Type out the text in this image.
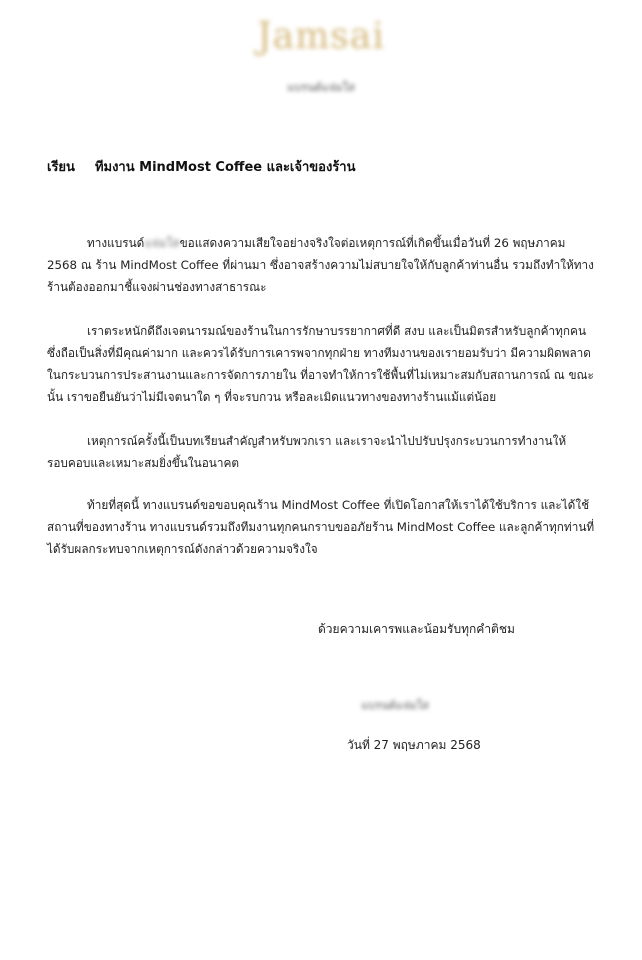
Jamsai
แบรนด์แจ่มใส
เรียน ทีมงาน MindMost Coffee และเจ้าของร้าน

ทางแบรนด์แจ่มใสขอแสดงความเสียใจอย่างจริงใจต่อเหตุการณ์ที่เกิดขึ้นเมื่อวันที่ 26 พฤษภาคม 2568 ณ ร้าน MindMost Coffee ที่ผ่านมา ซึ่งอาจสร้างความไม่สบายใจให้กับลูกค้าท่านอื่น รวมถึงทำให้ทางร้านต้องออกมาชี้แจงผ่านช่องทางสาธารณะ

เราตระหนักดีถึงเจตนารมณ์ของร้านในการรักษาบรรยากาศที่ดี สงบ และเป็นมิตรสำหรับลูกค้าทุกคน ซึ่งถือเป็นสิ่งที่มีคุณค่ามาก และควรได้รับการเคารพจากทุกฝ่าย ทางทีมงานของเรายอมรับว่า มีความผิดพลาดในกระบวนการประสานงานและการจัดการภายใน ที่อาจทำให้การใช้พื้นที่ไม่เหมาะสมกับสถานการณ์ ณ ขณะนั้น เราขอยืนยันว่าไม่มีเจตนาใด ๆ ที่จะรบกวน หรือละเมิดแนวทางของทางร้านแม้แต่น้อย

เหตุการณ์ครั้งนี้เป็นบทเรียนสำคัญสำหรับพวกเรา และเราจะนำไปปรับปรุงกระบวนการทำงานให้รอบคอบและเหมาะสมยิ่งขึ้นในอนาคต

ท้ายที่สุดนี้ ทางแบรนด์ขอขอบคุณร้าน MindMost Coffee ที่เปิดโอกาสให้เราได้ใช้บริการ และได้ใช้สถานที่ของทางร้าน ทางแบรนด์รวมถึงทีมงานทุกคนกราบขออภัยร้าน MindMost Coffee และลูกค้าทุกท่านที่ได้รับผลกระทบจากเหตุการณ์ดังกล่าวด้วยความจริงใจ

ด้วยความเคารพและน้อมรับทุกคำติชม
แบรนด์แจ่มใส
วันที่ 27 พฤษภาคม 2568
